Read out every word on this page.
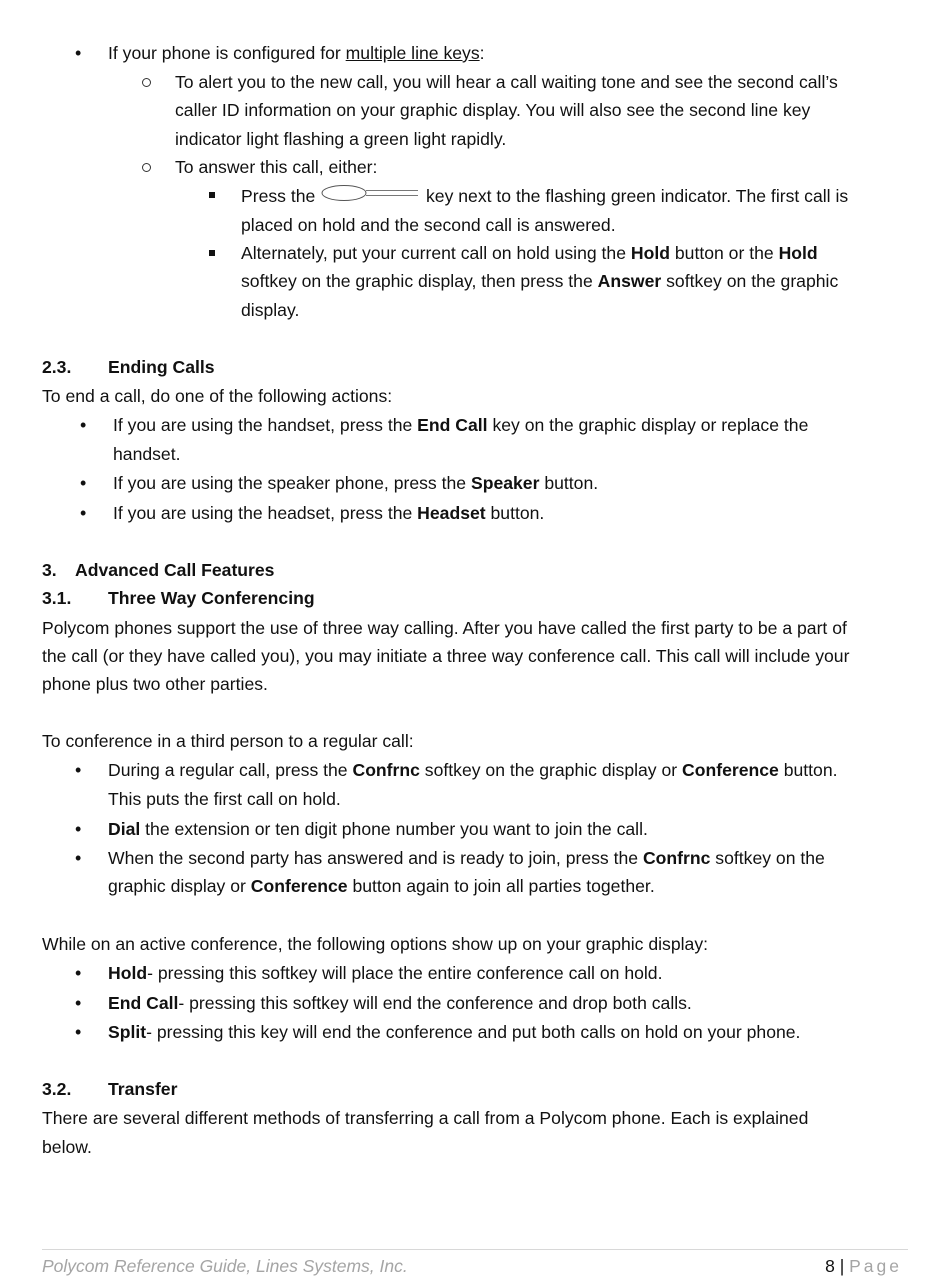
• If your phone is configured for multiple line keys:
To alert you to the new call, you will hear a call waiting tone and see the second call’s
caller ID information on your graphic display. You will also see the second line key
indicator light flashing a green light rapidly.
To answer this call, either:
Press the	key next to the flashing green indicator. The first call is
placed on hold and the second call is answered.
Alternately, put your current call on hold using the Hold button or the Hold
softkey on the graphic display, then press the Answer softkey on the graphic
display.
2.3. Ending Calls
To end a call, do one of the following actions:
• If you are using the handset, press the End Call key on the graphic display or replace the
handset.
• If you are using the speaker phone, press the Speaker button.
• If you are using the headset, press the Headset button.
3. Advanced Call Features
3.1. Three Way Conferencing
Polycom phones support the use of three way calling. After you have called the first party to be a part of
the call (or they have called you), you may initiate a three way conference call. This call will include your
phone plus two other parties.
To conference in a third person to a regular call:
• During a regular call, press the Confrnc softkey on the graphic display or Conference button.
This puts the first call on hold.
• Dial the extension or ten digit phone number you want to join the call.
• When the second party has answered and is ready to join, press the Confrnc softkey on the
graphic display or Conference button again to join all parties together.
While on an active conference, the following options show up on your graphic display:
• Hold- pressing this softkey will place the entire conference call on hold.
• End Call- pressing this softkey will end the conference and drop both calls.
• Split- pressing this key will end the conference and put both calls on hold on your phone.
3.2. Transfer
There are several different methods of transferring a call from a Polycom phone. Each is explained
below.
Polycom Reference Guide, Lines Systems, Inc.	8 | Page
